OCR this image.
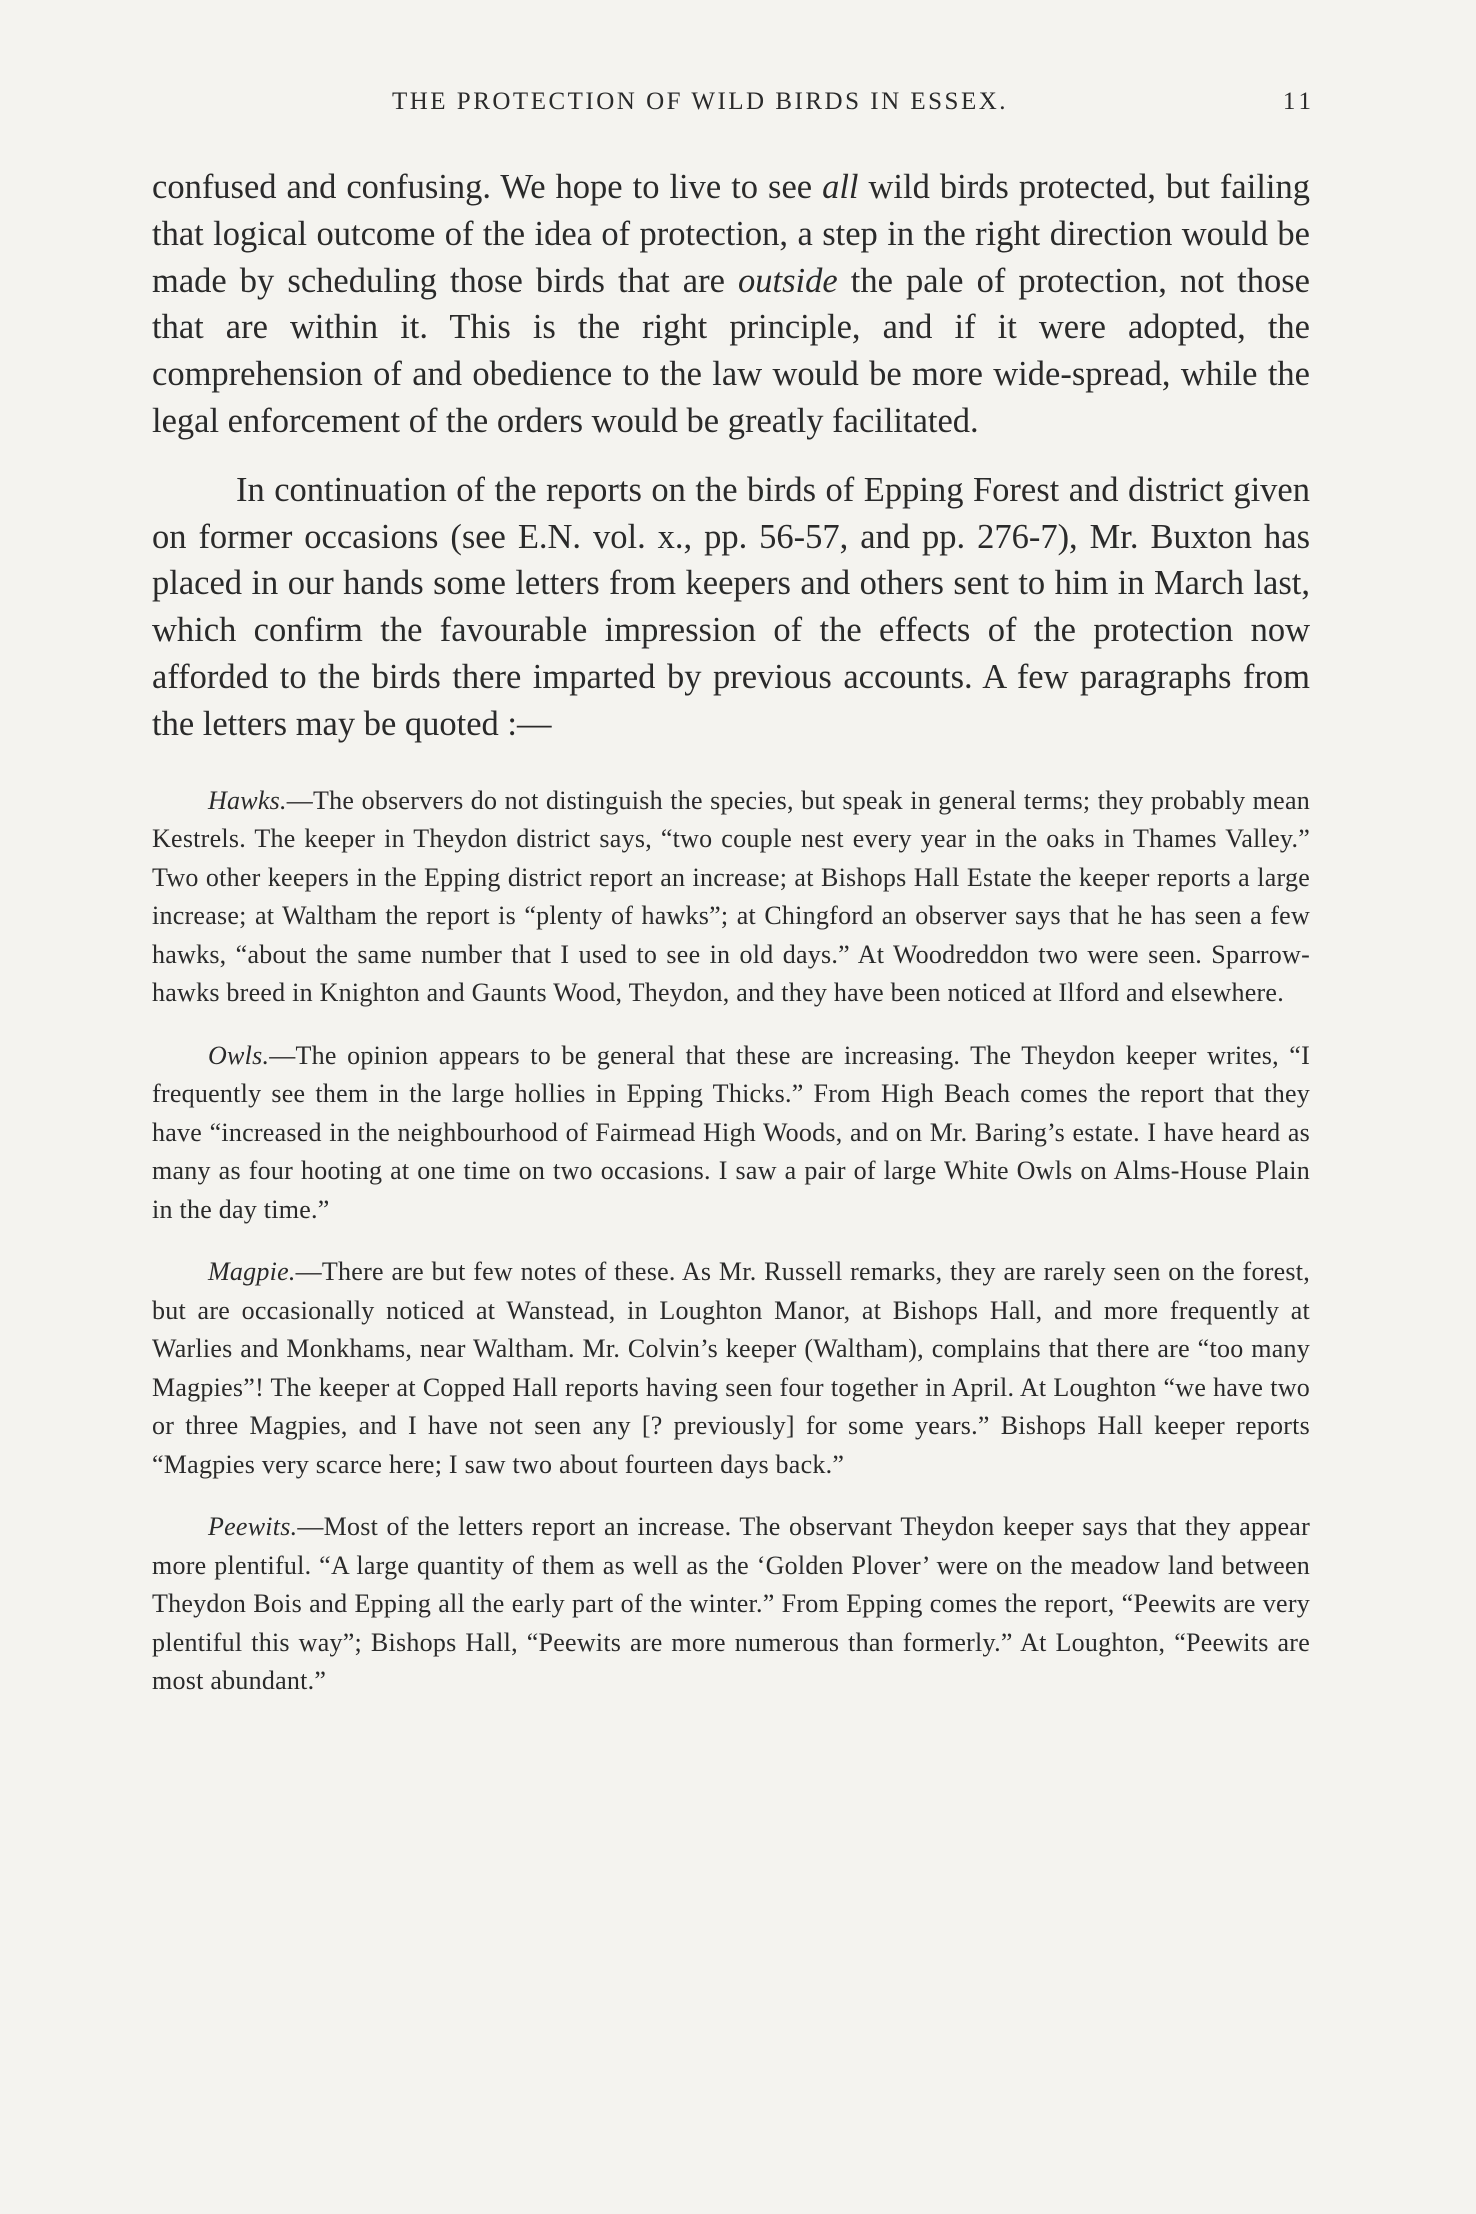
THE PROTECTION OF WILD BIRDS IN ESSEX.	11

confused and confusing. We hope to live to see all wild birds protected, but failing that logical outcome of the idea of protection, a step in the right direction would be made by scheduling those birds that are outside the pale of protection, not those that are within it. This is the right principle, and if it were adopted, the comprehension of and obedience to the law would be more wide-spread, while the legal enforcement of the orders would be greatly facilitated.

In continuation of the reports on the birds of Epping Forest and district given on former occasions (see E.N. vol. x., pp. 56-57, and pp. 276-7), Mr. Buxton has placed in our hands some letters from keepers and others sent to him in March last, which confirm the favourable impression of the effects of the protection now afforded to the birds there imparted by previous accounts. A few paragraphs from the letters may be quoted :—

Hawks.—The observers do not distinguish the species, but speak in general terms; they probably mean Kestrels. The keeper in Theydon district says, “two couple nest every year in the oaks in Thames Valley.” Two other keepers in the Epping district report an increase; at Bishops Hall Estate the keeper reports a large increase; at Waltham the report is “plenty of hawks”; at Chingford an observer says that he has seen a few hawks, “about the same number that I used to see in old days.” At Woodreddon two were seen. Sparrow-hawks breed in Knighton and Gaunts Wood, Theydon, and they have been noticed at Ilford and elsewhere.

Owls.—The opinion appears to be general that these are increasing. The Theydon keeper writes, “I frequently see them in the large hollies in Epping Thicks.” From High Beach comes the report that they have “increased in the neighbourhood of Fairmead High Woods, and on Mr. Baring’s estate. I have heard as many as four hooting at one time on two occasions. I saw a pair of large White Owls on Alms-House Plain in the day time.”

Magpie.—There are but few notes of these. As Mr. Russell remarks, they are rarely seen on the forest, but are occasionally noticed at Wanstead, in Loughton Manor, at Bishops Hall, and more frequently at Warlies and Monkhams, near Waltham. Mr. Colvin’s keeper (Waltham), complains that there are “too many Magpies”! The keeper at Copped Hall reports having seen four together in April. At Loughton “we have two or three Magpies, and I have not seen any [? previously] for some years.” Bishops Hall keeper reports “Magpies very scarce here; I saw two about fourteen days back.”

Peewits.—Most of the letters report an increase. The observant Theydon keeper says that they appear more plentiful. “A large quantity of them as well as the ‘Golden Plover’ were on the meadow land between Theydon Bois and Epping all the early part of the winter.” From Epping comes the report, “Peewits are very plentiful this way”; Bishops Hall, “Peewits are more numerous than formerly.” At Loughton, “Peewits are most abundant.”
